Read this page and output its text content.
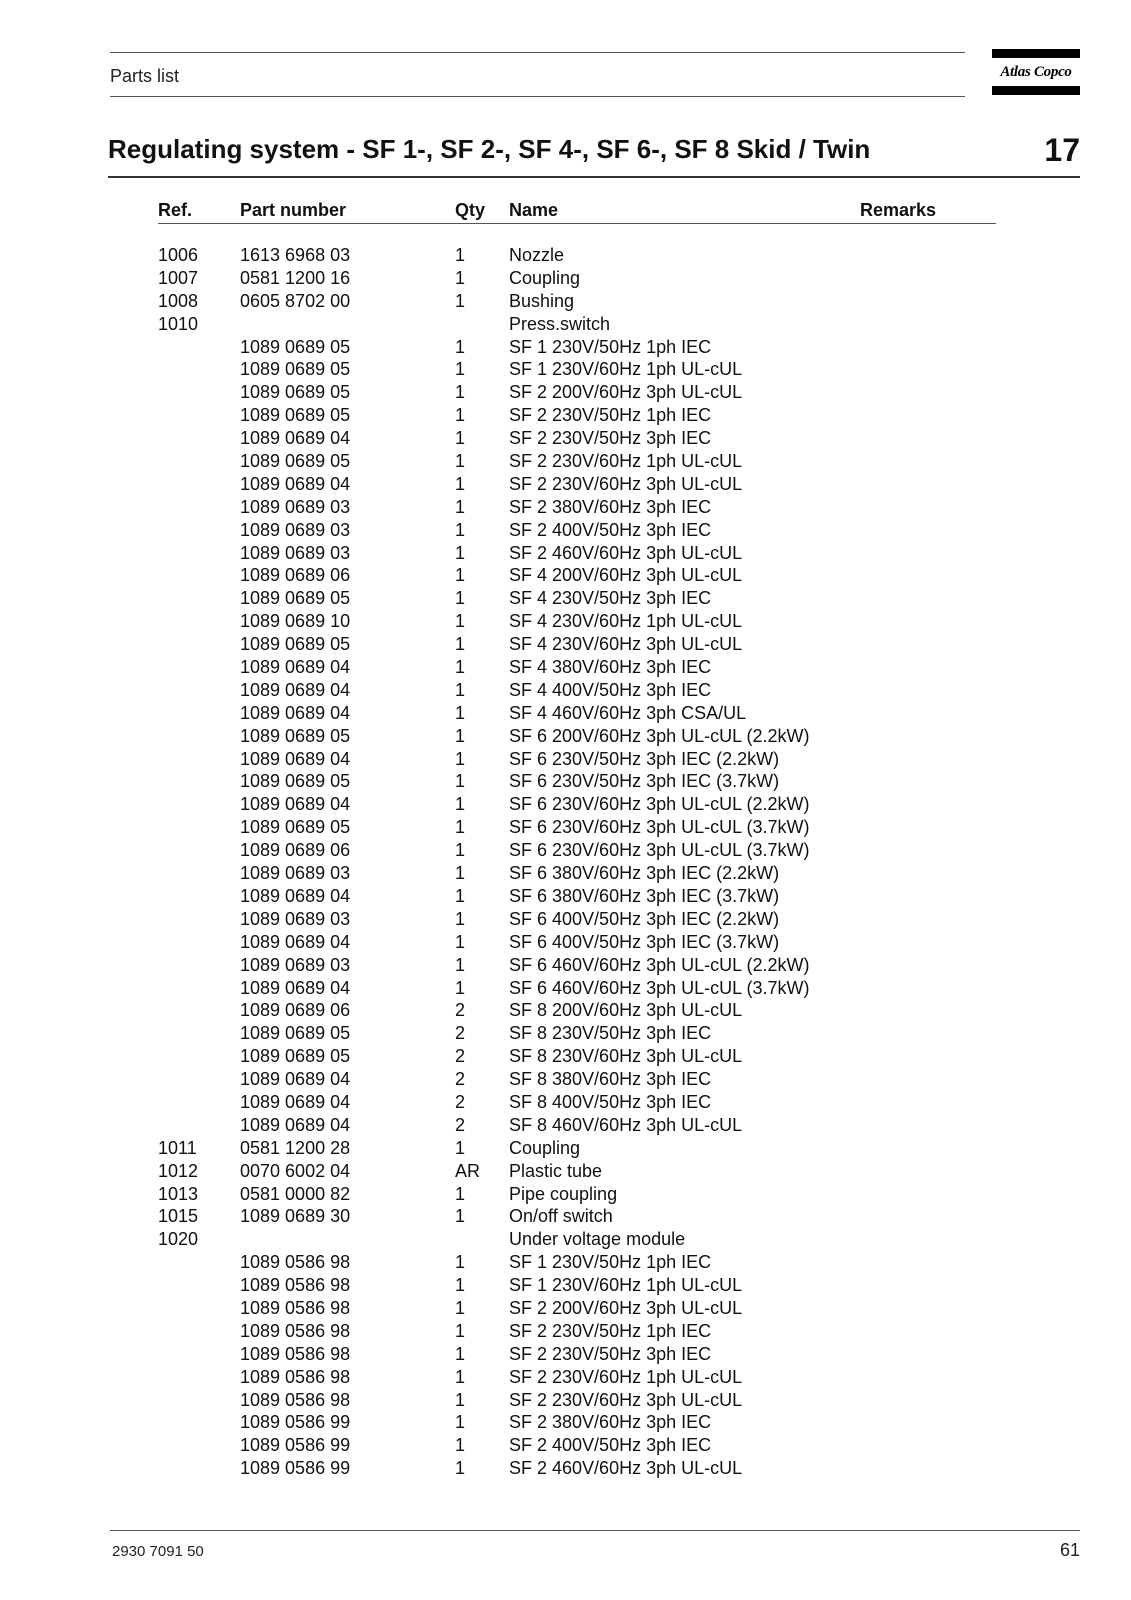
Parts list	Atlas Copco
Regulating system - SF 1-, SF 2-, SF 4-, SF 6-, SF 8 Skid / Twin	17
Ref.	Part number	Qty Name	Remarks
1006 1613 6968 03	1 Nozzle
1007 0581 1200 16	1 Coupling
1008 0605 8702 00	1 Bushing
1010	Press.switch
1089 0689 05	1 SF 1 230V/50Hz 1ph IEC
1089 0689 05	1 SF 1 230V/60Hz 1ph UL-cUL
1089 0689 05	1 SF 2 200V/60Hz 3ph UL-cUL
1089 0689 05	1 SF 2 230V/50Hz 1ph IEC
1089 0689 04	1 SF 2 230V/50Hz 3ph IEC
1089 0689 05	1 SF 2 230V/60Hz 1ph UL-cUL
1089 0689 04	1 SF 2 230V/60Hz 3ph UL-cUL
1089 0689 03	1 SF 2 380V/60Hz 3ph IEC
1089 0689 03	1 SF 2 400V/50Hz 3ph IEC
1089 0689 03	1 SF 2 460V/60Hz 3ph UL-cUL
1089 0689 06	1 SF 4 200V/60Hz 3ph UL-cUL
1089 0689 05	1 SF 4 230V/50Hz 3ph IEC
1089 0689 10	1 SF 4 230V/60Hz 1ph UL-cUL
1089 0689 05	1 SF 4 230V/60Hz 3ph UL-cUL
1089 0689 04	1 SF 4 380V/60Hz 3ph IEC
1089 0689 04	1 SF 4 400V/50Hz 3ph IEC
1089 0689 04	1 SF 4 460V/60Hz 3ph CSA/UL
1089 0689 05	1 SF 6 200V/60Hz 3ph UL-cUL (2.2kW)
1089 0689 04	1 SF 6 230V/50Hz 3ph IEC (2.2kW)
1089 0689 05	1 SF 6 230V/50Hz 3ph IEC (3.7kW)
1089 0689 04	1 SF 6 230V/60Hz 3ph UL-cUL (2.2kW)
1089 0689 05	1 SF 6 230V/60Hz 3ph UL-cUL (3.7kW)
1089 0689 06	1 SF 6 230V/60Hz 3ph UL-cUL (3.7kW)
1089 0689 03	1 SF 6 380V/60Hz 3ph IEC (2.2kW)
1089 0689 04	1 SF 6 380V/60Hz 3ph IEC (3.7kW)
1089 0689 03	1 SF 6 400V/50Hz 3ph IEC (2.2kW)
1089 0689 04	1 SF 6 400V/50Hz 3ph IEC (3.7kW)
1089 0689 03	1 SF 6 460V/60Hz 3ph UL-cUL (2.2kW)
1089 0689 04	1 SF 6 460V/60Hz 3ph UL-cUL (3.7kW)
1089 0689 06	2 SF 8 200V/60Hz 3ph UL-cUL
1089 0689 05	2 SF 8 230V/50Hz 3ph IEC
1089 0689 05	2 SF 8 230V/60Hz 3ph UL-cUL
1089 0689 04	2 SF 8 380V/60Hz 3ph IEC
1089 0689 04	2 SF 8 400V/50Hz 3ph IEC
1089 0689 04	2 SF 8 460V/60Hz 3ph UL-cUL
1011 0581 1200 28	1 Coupling
1012 0070 6002 04	AR Plastic tube
1013 0581 0000 82	1 Pipe coupling
1015 1089 0689 30	1 On/off switch
1020	Under voltage module
1089 0586 98	1 SF 1 230V/50Hz 1ph IEC
1089 0586 98	1 SF 1 230V/60Hz 1ph UL-cUL
1089 0586 98	1 SF 2 200V/60Hz 3ph UL-cUL
1089 0586 98	1 SF 2 230V/50Hz 1ph IEC
1089 0586 98	1 SF 2 230V/50Hz 3ph IEC
1089 0586 98	1 SF 2 230V/60Hz 1ph UL-cUL
1089 0586 98	1 SF 2 230V/60Hz 3ph UL-cUL
1089 0586 99	1 SF 2 380V/60Hz 3ph IEC
1089 0586 99	1 SF 2 400V/50Hz 3ph IEC
1089 0586 99	1 SF 2 460V/60Hz 3ph UL-cUL
2930 7091 50	61
